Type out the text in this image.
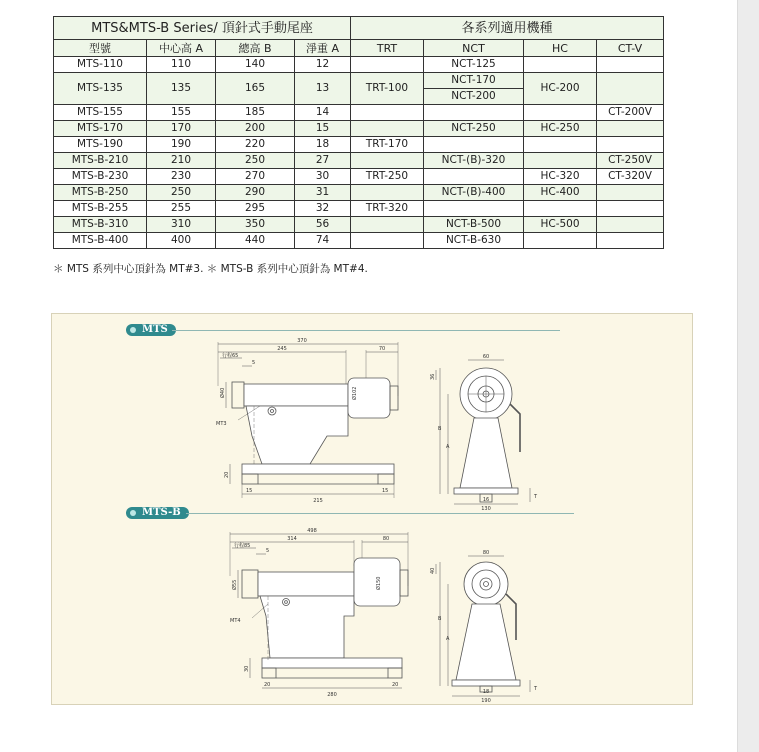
MTS&MTS-B Series/ 頂針式手動尾座				各系列適用機種			
型號	中心高 A	總高 B	淨重 A	TRT	NCT	HC	CT-V
MTS-110	110	140	12		NCT-125		
MTS-135	135	165	13	TRT-100	NCT-170	HC-200	
					NCT-200		
MTS-155	155	185	14				CT-200V
MTS-170	170	200	15		NCT-250	HC-250	
MTS-190	190	220	18	TRT-170			
MTS-B-210	210	250	27		NCT-(B)-320		CT-250V
MTS-B-230	230	270	30	TRT-250		HC-320	CT-320V
MTS-B-250	250	290	31		NCT-(B)-400	HC-400	
MTS-B-255	255	295	32	TRT-320			
MTS-B-310	310	350	56		NCT-B-500	HC-500	
MTS-B-400	400	440	74		NCT-B-630		
＊ MTS 系列中心頂針為 MT#3. ＊ MTS-B 系列中心頂針為 MT#4.
MTS
MTS-B
370
245	70
行程65
5
Ø40	Ø102
MT3
20
15	15
215
60
36
B
A
16
130
T
498
314	80
行程85
5
Ø55	Ø150
MT4
30
20	20
280
80
40
B
A
18
190
T
